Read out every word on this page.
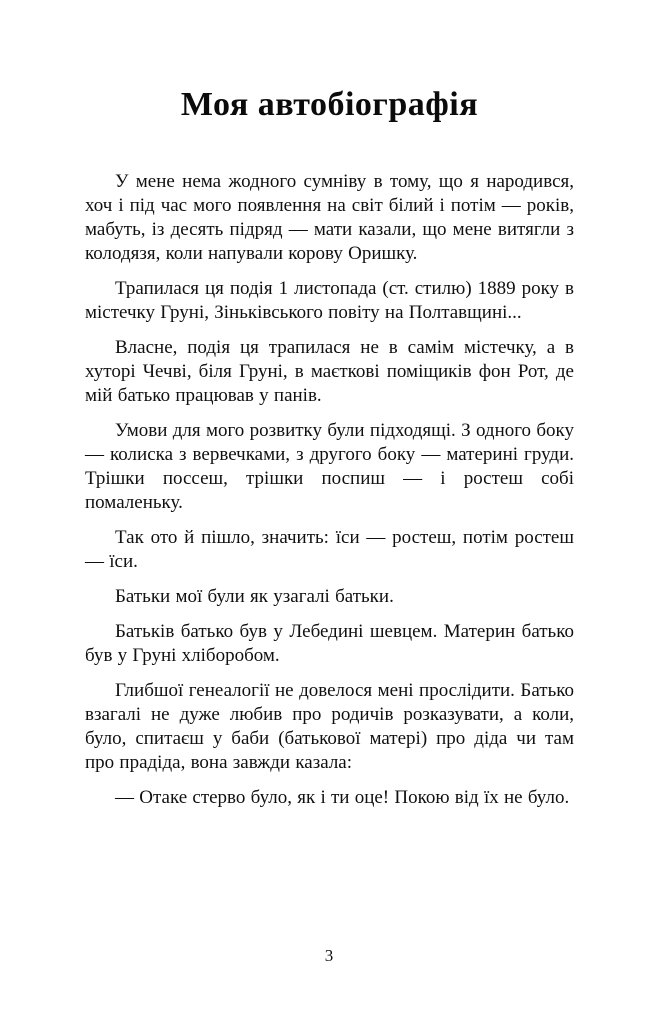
Моя автобіографія

У мене нема жодного сумніву в тому, що я народився, хоч і під час мого появлення на світ білий і потім — років, мабуть, із десять підряд — мати казали, що мене витягли з колодязя, коли напували корову Оришку.

Трапилася ця подія 1 листопада (ст. стилю) 1889 року в містечку Груні, Зіньківського повіту на Полтавщині...

Власне, подія ця трапилася не в самім містечку, а в хуторі Чечві, біля Груні, в маєткові поміщиків фон Рот, де мій батько працював у панів.

Умови для мого розвитку були підходящі. З одного боку — колиска з вервечками, з другого боку — материні груди. Трішки поссеш, трішки поспиш — і ростеш собі помаленьку.

Так ото й пішло, значить: їси — ростеш, потім ростеш — їси.

Батьки мої були як узагалі батьки.

Батьків батько був у Лебедині шевцем. Материн батько був у Груні хліборобом.

Глибшої генеалогії не довелося мені прослідити. Батько взагалі не дуже любив про родичів розказувати, а коли, було, спитаєш у баби (батькової матері) про діда чи там про прадіда, вона завжди казала:

— Отаке стерво було, як і ти оце! Покою від їх не було.

3
